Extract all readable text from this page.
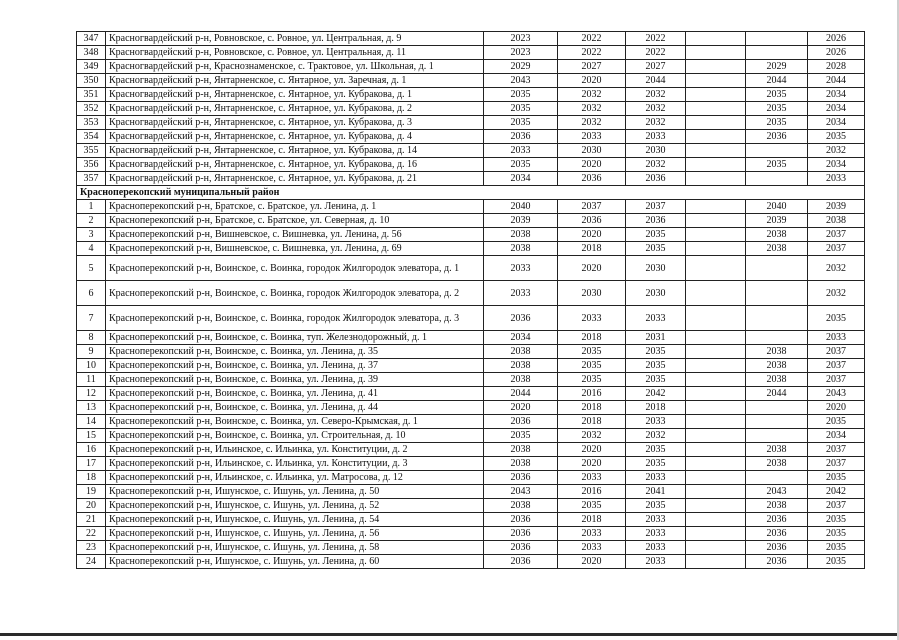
347	Красногвардейский р-н, Ровновское, с. Ровное, ул. Центральная, д. 9	2023	2022	2022			2026
348	Красногвардейский р-н, Ровновское, с. Ровное, ул. Центральная, д. 11	2023	2022	2022			2026
349	Красногвардейский р-н, Краснознаменское, с. Трактовое, ул. Школьная, д. 1	2029	2027	2027		2029	2028
350	Красногвардейский р-н, Янтарненское, с. Янтарное, ул. Заречная, д. 1	2043	2020	2044		2044	2044
351	Красногвардейский р-н, Янтарненское, с. Янтарное, ул. Кубракова, д. 1	2035	2032	2032		2035	2034
352	Красногвардейский р-н, Янтарненское, с. Янтарное, ул. Кубракова, д. 2	2035	2032	2032		2035	2034
353	Красногвардейский р-н, Янтарненское, с. Янтарное, ул. Кубракова, д. 3	2035	2032	2032		2035	2034
354	Красногвардейский р-н, Янтарненское, с. Янтарное, ул. Кубракова, д. 4	2036	2033	2033		2036	2035
355	Красногвардейский р-н, Янтарненское, с. Янтарное, ул. Кубракова, д. 14	2033	2030	2030			2032
356	Красногвардейский р-н, Янтарненское, с. Янтарное, ул. Кубракова, д. 16	2035	2020	2032		2035	2034
357	Красногвардейский р-н, Янтарненское, с. Янтарное, ул. Кубракова, д. 21	2034	2036	2036			2033
Красноперекопский муниципальный район							
1	Красноперекопский р-н, Братское, с. Братское, ул. Ленина, д. 1	2040	2037	2037		2040	2039
2	Красноперекопский р-н, Братское, с. Братское, ул. Северная, д. 10	2039	2036	2036		2039	2038
3	Красноперекопский р-н, Вишневское, с. Вишневка, ул. Ленина, д. 56	2038	2020	2035		2038	2037
4	Красноперекопский р-н, Вишневское, с. Вишневка, ул. Ленина, д. 69	2038	2018	2035		2038	2037
5	Красноперекопский р-н, Воинское, с. Воинка, городок Жилгородок элеватора, д. 1	2033	2020	2030			2032
6	Красноперекопский р-н, Воинское, с. Воинка, городок Жилгородок элеватора, д. 2	2033	2030	2030			2032
7	Красноперекопский р-н, Воинское, с. Воинка, городок Жилгородок элеватора, д. 3	2036	2033	2033			2035
8	Красноперекопский р-н, Воинское, с. Воинка, туп. Железнодорожный, д. 1	2034	2018	2031			2033
9	Красноперекопский р-н, Воинское, с. Воинка, ул. Ленина, д. 35	2038	2035	2035		2038	2037
10	Красноперекопский р-н, Воинское, с. Воинка, ул. Ленина, д. 37	2038	2035	2035		2038	2037
11	Красноперекопский р-н, Воинское, с. Воинка, ул. Ленина, д. 39	2038	2035	2035		2038	2037
12	Красноперекопский р-н, Воинское, с. Воинка, ул. Ленина, д. 41	2044	2016	2042		2044	2043
13	Красноперекопский р-н, Воинское, с. Воинка, ул. Ленина, д. 44	2020	2018	2018			2020
14	Красноперекопский р-н, Воинское, с. Воинка, ул. Северо-Крымская, д. 1	2036	2018	2033			2035
15	Красноперекопский р-н, Воинское, с. Воинка, ул. Строительная, д. 10	2035	2032	2032			2034
16	Красноперекопский р-н, Ильинское, с. Ильинка, ул. Конституции, д. 2	2038	2020	2035		2038	2037
17	Красноперекопский р-н, Ильинское, с. Ильинка, ул. Конституции, д. 3	2038	2020	2035		2038	2037
18	Красноперекопский р-н, Ильинское, с. Ильинка, ул. Матросова, д. 12	2036	2033	2033			2035
19	Красноперекопский р-н, Ишунское, с. Ишунь, ул. Ленина, д. 50	2043	2016	2041		2043	2042
20	Красноперекопский р-н, Ишунское, с. Ишунь, ул. Ленина, д. 52	2038	2035	2035		2038	2037
21	Красноперекопский р-н, Ишунское, с. Ишунь, ул. Ленина, д. 54	2036	2018	2033		2036	2035
22	Красноперекопский р-н, Ишунское, с. Ишунь, ул. Ленина, д. 56	2036	2033	2033		2036	2035
23	Красноперекопский р-н, Ишунское, с. Ишунь, ул. Ленина, д. 58	2036	2033	2033		2036	2035
24	Красноперекопский р-н, Ишунское, с. Ишунь, ул. Ленина, д. 60	2036	2020	2033		2036	2035
